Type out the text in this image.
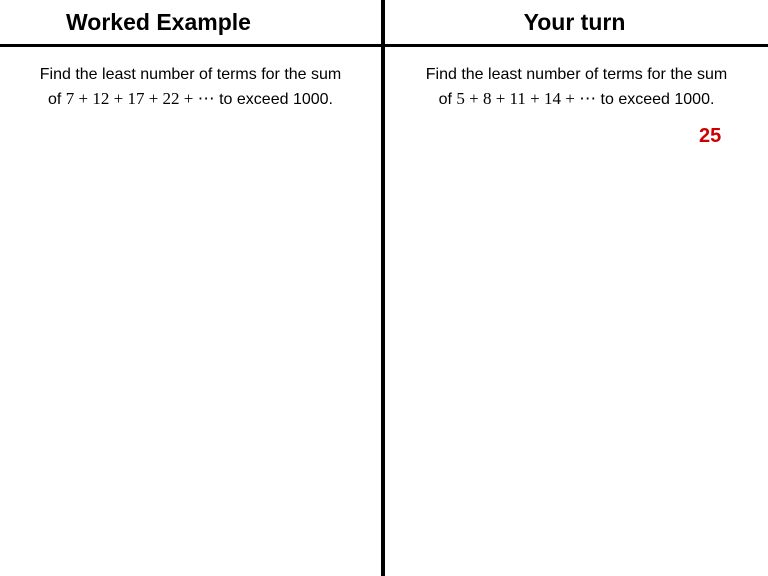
Worked Example
Find the least number of terms for the sum
of 7 + 12 + 17 + 22 + ⋯ to exceed 1000.
Your turn
Find the least number of terms for the sum
of 5 + 8 + 11 + 14 + ⋯ to exceed 1000.
25
